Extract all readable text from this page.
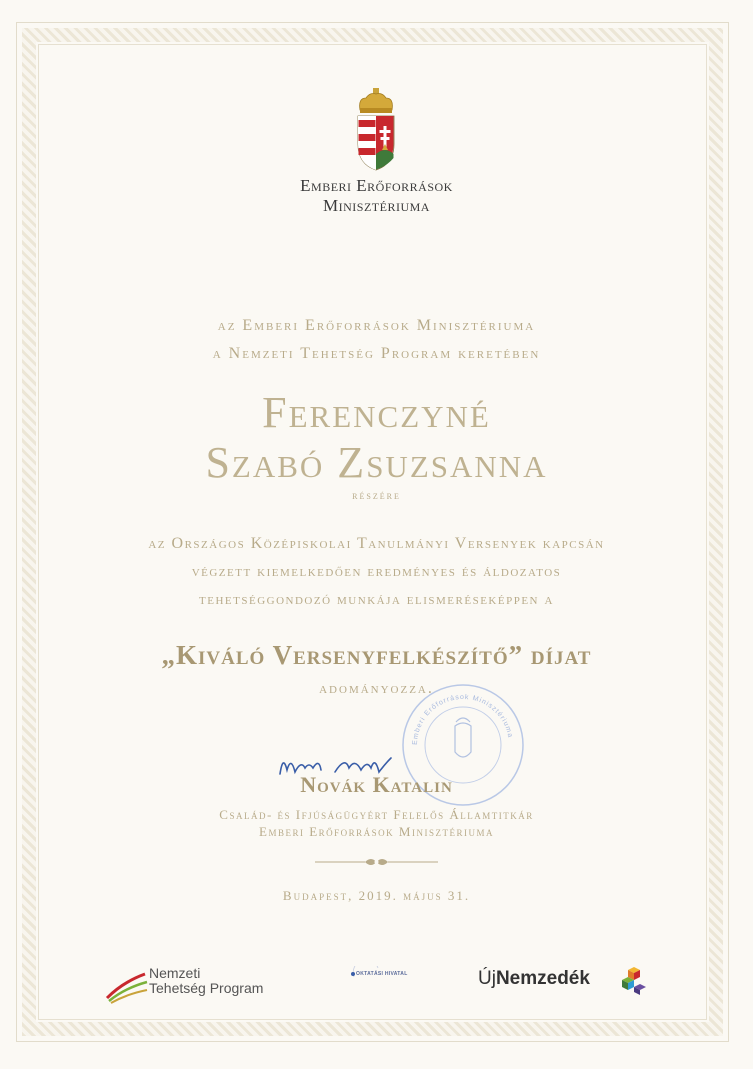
Emberi Erőforrások
Minisztériuma
az Emberi Erőforrások Minisztériuma
a Nemzeti Tehetség Program keretében
Ferenczyné
Szabó Zsuzsanna
részére
az Országos Középiskolai Tanulmányi Versenyek kapcsán
végzett kiemelkedően eredményes és áldozatos
tehetséggondozó munkája elismeréseképpen a
„Kiváló Versenyfelkészítő” díjat
adományozza.
Emberi Erőforrások Minisztériuma
Novák Katalin
Család- és Ifjúságügyért Felelős Államtitkár
Emberi Erőforrások Minisztériuma
Budapest, 2019. május 31.
Nemzeti
Tehetség Program
OKTATÁSI HIVATAL	ÚjNemzedék
